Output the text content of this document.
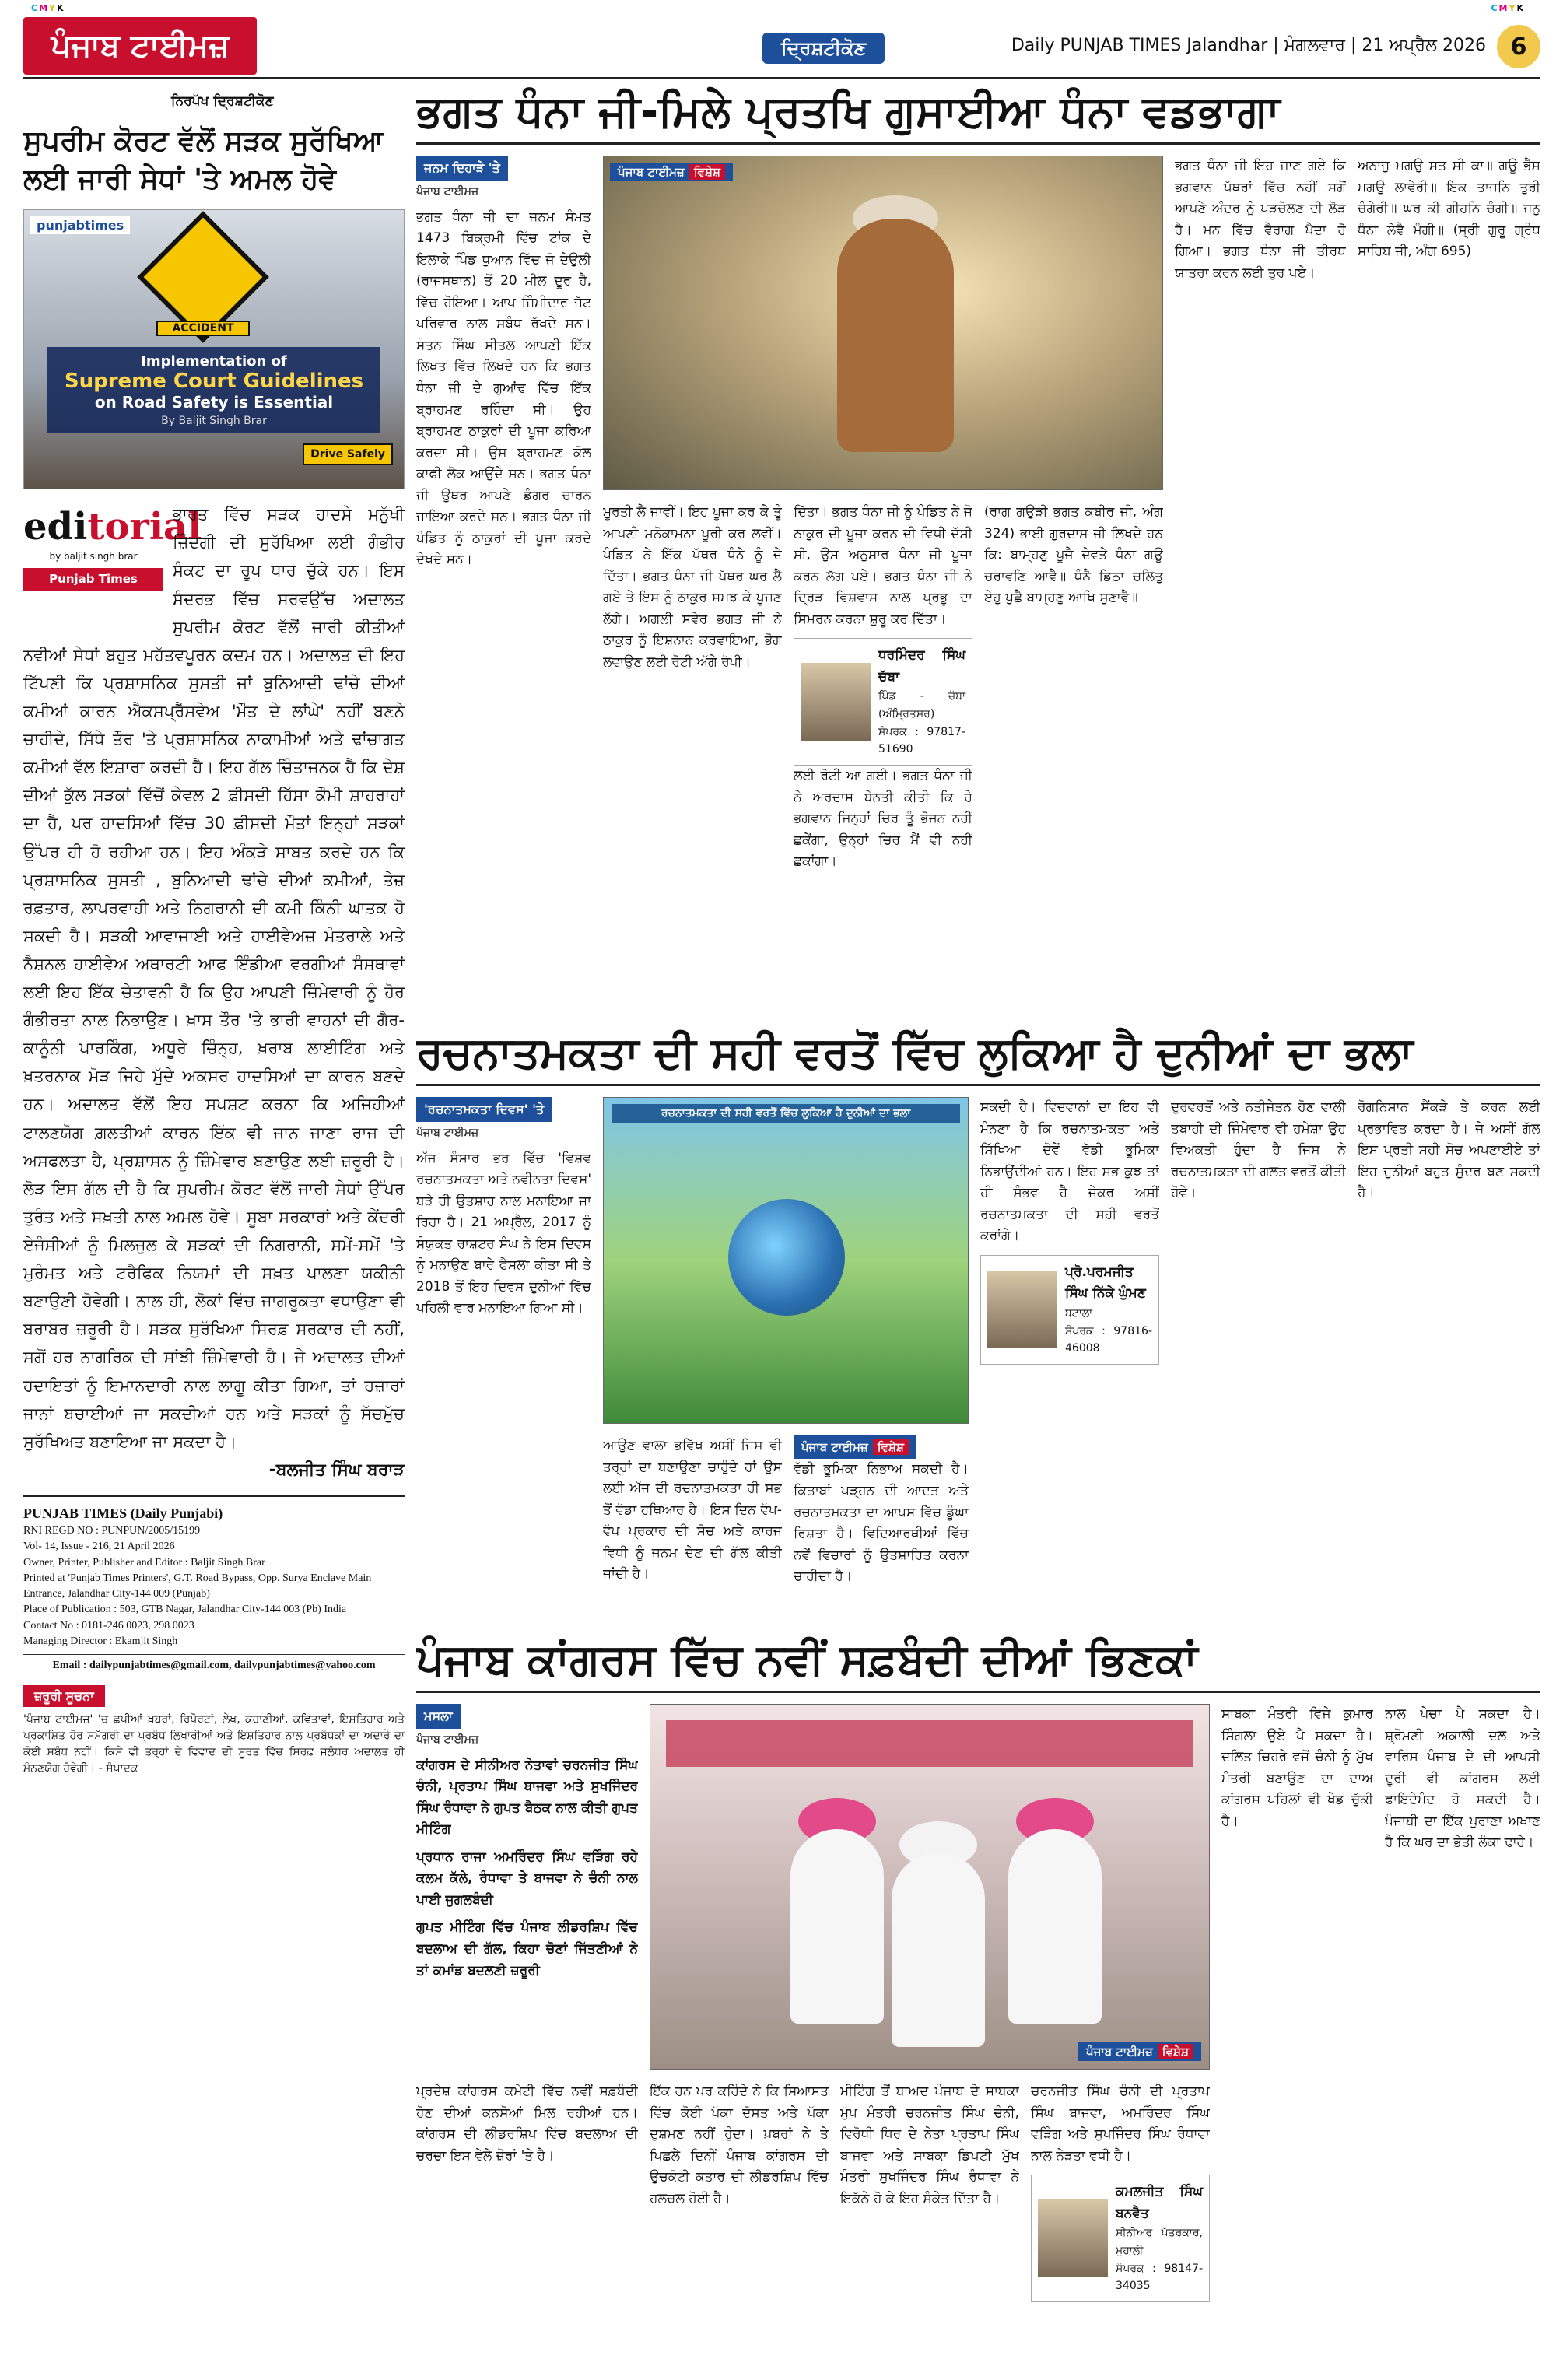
CMYK	CMYK
ਪੰਜਾਬ ਟਾਈਮਜ਼	ਦ੍ਰਿਸ਼ਟੀਕੋਣ	Daily PUNJAB TIMES Jalandhar | ਮੰਗਲਵਾਰ | 21 ਅਪ੍ਰੈਲ 2026	6
ਨਿਰਪੱਖ ਦ੍ਰਿਸ਼ਟੀਕੋਣ
ਸੁਪਰੀਮ ਕੋਰਟ ਵੱਲੋਂ ਸੜਕ ਸੁਰੱਖਿਆ ਲਈ ਜਾਰੀ ਸੇਧਾਂ 'ਤੇ ਅਮਲ ਹੋਵੇ
punjabtimes
ACCIDENT
Implementation of
Supreme Court Guidelines
on Road Safety is Essential
By Baljit Singh Brar
Drive Safely
editorial
by baljit singh brar
Punjab Times
ਭਾਰਤ ਵਿੱਚ ਸੜਕ ਹਾਦਸੇ ਮਨੁੱਖੀ ਜ਼ਿੰਦਗੀ ਦੀ ਸੁਰੱਖਿਆ ਲਈ ਗੰਭੀਰ ਸੰਕਟ ਦਾ ਰੂਪ ਧਾਰ ਚੁੱਕੇ ਹਨ। ਇਸ ਸੰਦਰਭ ਵਿੱਚ ਸਰਵਉੱਚ ਅਦਾਲਤ ਸੁਪਰੀਮ ਕੋਰਟ ਵੱਲੋਂ ਜਾਰੀ ਕੀਤੀਆਂ ਨਵੀਆਂ ਸੇਧਾਂ ਬਹੁਤ ਮਹੱਤਵਪੂਰਨ ਕਦਮ ਹਨ। ਅਦਾਲਤ ਦੀ ਇਹ ਟਿੱਪਣੀ ਕਿ ਪ੍ਰਸ਼ਾਸਨਿਕ ਸੁਸਤੀ ਜਾਂ ਬੁਨਿਆਦੀ ਢਾਂਚੇ ਦੀਆਂ ਕਮੀਆਂ ਕਾਰਨ ਐਕਸਪ੍ਰੈੱਸਵੇਅ 'ਮੌਤ ਦੇ ਲਾਂਘੇ' ਨਹੀਂ ਬਣਨੇ ਚਾਹੀਦੇ, ਸਿੱਧੇ ਤੌਰ 'ਤੇ ਪ੍ਰਸ਼ਾਸਨਿਕ ਨਾਕਾਮੀਆਂ ਅਤੇ ਢਾਂਚਾਗਤ ਕਮੀਆਂ ਵੱਲ ਇਸ਼ਾਰਾ ਕਰਦੀ ਹੈ। ਇਹ ਗੱਲ ਚਿੰਤਾਜਨਕ ਹੈ ਕਿ ਦੇਸ਼ ਦੀਆਂ ਕੁੱਲ ਸੜਕਾਂ ਵਿੱਚੋਂ ਕੇਵਲ 2 ਫ਼ੀਸਦੀ ਹਿੱਸਾ ਕੌਮੀ ਸ਼ਾਹਰਾਹਾਂ ਦਾ ਹੈ, ਪਰ ਹਾਦਸਿਆਂ ਵਿੱਚ 30 ਫ਼ੀਸਦੀ ਮੌਤਾਂ ਇਨ੍ਹਾਂ ਸੜਕਾਂ ਉੱਪਰ ਹੀ ਹੋ ਰਹੀਆ ਹਨ। ਇਹ ਅੰਕੜੇ ਸਾਬਤ ਕਰਦੇ ਹਨ ਕਿ ਪ੍ਰਸ਼ਾਸਨਿਕ ਸੁਸਤੀ , ਬੁਨਿਆਦੀ ਢਾਂਚੇ ਦੀਆਂ ਕਮੀਆਂ, ਤੇਜ਼ ਰਫ਼ਤਾਰ, ਲਾਪਰਵਾਹੀ ਅਤੇ ਨਿਗਰਾਨੀ ਦੀ ਕਮੀ ਕਿੰਨੀ ਘਾਤਕ ਹੋ ਸਕਦੀ ਹੈ। ਸੜਕੀ ਆਵਾਜਾਈ ਅਤੇ ਹਾਈਵੇਅਜ਼ ਮੰਤਰਾਲੇ ਅਤੇ ਨੈਸ਼ਨਲ ਹਾਈਵੇਅ ਅਥਾਰਟੀ ਆਫ ਇੰਡੀਆ ਵਰਗੀਆਂ ਸੰਸਥਾਵਾਂ ਲਈ ਇਹ ਇੱਕ ਚੇਤਾਵਨੀ ਹੈ ਕਿ ਉਹ ਆਪਣੀ ਜ਼ਿੰਮੇਵਾਰੀ ਨੂੰ ਹੋਰ ਗੰਭੀਰਤਾ ਨਾਲ ਨਿਭਾਉਣ। ਖ਼ਾਸ ਤੌਰ 'ਤੇ ਭਾਰੀ ਵਾਹਨਾਂ ਦੀ ਗੈਰ-ਕਾਨੂੰਨੀ ਪਾਰਕਿੰਗ, ਅਧੂਰੇ ਚਿੰਨ੍ਹ, ਖ਼ਰਾਬ ਲਾਈਟਿੰਗ ਅਤੇ ਖ਼ਤਰਨਾਕ ਮੋੜ ਜਿਹੇ ਮੁੱਦੇ ਅਕਸਰ ਹਾਦਸਿਆਂ ਦਾ ਕਾਰਨ ਬਣਦੇ ਹਨ। ਅਦਾਲਤ ਵੱਲੋਂ ਇਹ ਸਪਸ਼ਟ ਕਰਨਾ ਕਿ ਅਜਿਹੀਆਂ ਟਾਲਣਯੋਗ ਗ਼ਲਤੀਆਂ ਕਾਰਨ ਇੱਕ ਵੀ ਜਾਨ ਜਾਣਾ ਰਾਜ ਦੀ ਅਸਫਲਤਾ ਹੈ, ਪ੍ਰਸ਼ਾਸਨ ਨੂੰ ਜ਼ਿੰਮੇਵਾਰ ਬਣਾਉਣ ਲਈ ਜ਼ਰੂਰੀ ਹੈ। ਲੋੜ ਇਸ ਗੱਲ ਦੀ ਹੈ ਕਿ ਸੁਪਰੀਮ ਕੋਰਟ ਵੱਲੋਂ ਜਾਰੀ ਸੇਧਾਂ ਉੱਪਰ ਤੁਰੰਤ ਅਤੇ ਸਖ਼ਤੀ ਨਾਲ ਅਮਲ ਹੋਵੇ। ਸੂਬਾ ਸਰਕਾਰਾਂ ਅਤੇ ਕੇਂਦਰੀ ਏਜੰਸੀਆਂ ਨੂੰ ਮਿਲਜੁਲ ਕੇ ਸੜਕਾਂ ਦੀ ਨਿਗਰਾਨੀ, ਸਮੇਂ-ਸਮੇਂ 'ਤੇ ਮੁਰੰਮਤ ਅਤੇ ਟਰੈਫਿਕ ਨਿਯਮਾਂ ਦੀ ਸਖ਼ਤ ਪਾਲਣਾ ਯਕੀਨੀ ਬਣਾਉਣੀ ਹੋਵੇਗੀ। ਨਾਲ ਹੀ, ਲੋਕਾਂ ਵਿੱਚ ਜਾਗਰੂਕਤਾ ਵਧਾਉਣਾ ਵੀ ਬਰਾਬਰ ਜ਼ਰੂਰੀ ਹੈ। ਸੜਕ ਸੁਰੱਖਿਆ ਸਿਰਫ਼ ਸਰਕਾਰ ਦੀ ਨਹੀਂ, ਸਗੋਂ ਹਰ ਨਾਗਰਿਕ ਦੀ ਸਾਂਝੀ ਜ਼ਿੰਮੇਵਾਰੀ ਹੈ। ਜੇ ਅਦਾਲਤ ਦੀਆਂ ਹਦਾਇਤਾਂ ਨੂੰ ਇਮਾਨਦਾਰੀ ਨਾਲ ਲਾਗੂ ਕੀਤਾ ਗਿਆ, ਤਾਂ ਹਜ਼ਾਰਾਂ ਜਾਨਾਂ ਬਚਾਈਆਂ ਜਾ ਸਕਦੀਆਂ ਹਨ ਅਤੇ ਸੜਕਾਂ ਨੂੰ ਸੱਚਮੁੱਚ ਸੁਰੱਖਿਅਤ ਬਣਾਇਆ ਜਾ ਸਕਦਾ ਹੈ।
-ਬਲਜੀਤ ਸਿੰਘ ਬਰਾੜ
PUNJAB TIMES (Daily Punjabi)
RNI REGD NO : PUNPUN/2005/15199
Vol- 14, Issue - 216, 21 April 2026
Owner, Printer, Publisher and Editor : Baljit Singh Brar
Printed at 'Punjab Times Printers', G.T. Road Bypass, Opp. Surya Enclave Main Entrance, Jalandhar City-144 009 (Punjab)
Place of Publication : 503, GTB Nagar, Jalandhar City-144 003 (Pb) India
Contact No : 0181-246 0023, 298 0023
Managing Director : Ekamjit Singh
Email : dailypunjabtimes@gmail.com, dailypunjabtimes@yahoo.com
ਜ਼ਰੂਰੀ ਸੂਚਨਾ
'ਪੰਜਾਬ ਟਾਈਮਜ਼' 'ਚ ਛਪੀਆਂ ਖ਼ਬਰਾਂ, ਰਿਪੋਰਟਾਂ, ਲੇਖ, ਕਹਾਣੀਆਂ, ਕਵਿਤਾਵਾਂ, ਇਸ਼ਤਿਹਾਰ ਅਤੇ ਪ੍ਰਕਾਸ਼ਿਤ ਹੋਰ ਸਮੱਗਰੀ ਦਾ ਪ੍ਰਬੰਧ ਲਿਖਾਰੀਆਂ ਅਤੇ ਇਸ਼ਤਿਹਾਰ ਨਾਲ ਪ੍ਰਬੰਧਕਾਂ ਦਾ ਅਦਾਰੇ ਦਾ ਕੋਈ ਸਬੰਧ ਨਹੀਂ। ਕਿਸੇ ਵੀ ਤਰ੍ਹਾਂ ਦੇ ਵਿਵਾਦ ਦੀ ਸੂਰਤ ਵਿੱਚ ਸਿਰਫ਼ ਜਲੰਧਰ ਅਦਾਲਤ ਹੀ ਮੰਨਣਯੋਗ ਹੋਵੇਗੀ। - ਸੰਪਾਦਕ
ਭਗਤ ਧੰਨਾ ਜੀ-ਮਿਲੇ ਪ੍ਰਤਖਿ ਗੁਸਾਈਆ ਧੰਨਾ ਵਡਭਾਗਾ
ਜਨਮ ਦਿਹਾੜੇ 'ਤੇ
ਪੰਜਾਬ ਟਾਈਮਜ਼

ਭਗਤ ਧੰਨਾ ਜੀ ਦਾ ਜਨਮ ਸੰਮਤ 1473 ਬਿਕ੍ਰਮੀ ਵਿੱਚ ਟਾਂਕ ਦੇ ਇਲਾਕੇ ਪਿੰਡ ਧੁਆਨ ਵਿੱਚ ਜੋ ਦੇਉਲੀ (ਰਾਜਸਥਾਨ) ਤੋਂ 20 ਮੀਲ ਦੂਰ ਹੈ, ਵਿੱਚ ਹੋਇਆ। ਆਪ ਜਿੰਮੀਦਾਰ ਜੱਟ ਪਰਿਵਾਰ ਨਾਲ ਸਬੰਧ ਰੱਖਦੇ ਸਨ। ਸੰਤਨ ਸਿੰਘ ਸੀਤਲ ਆਪਣੀ ਇੱਕ ਲਿਖਤ ਵਿੱਚ ਲਿਖਦੇ ਹਨ ਕਿ ਭਗਤ ਧੰਨਾ ਜੀ ਦੇ ਗੁਆਂਢ ਵਿੱਚ ਇੱਕ ਬ੍ਰਾਹਮਣ ਰਹਿੰਦਾ ਸੀ। ਉਹ ਬ੍ਰਾਹਮਣ ਠਾਕੁਰਾਂ ਦੀ ਪੂਜਾ ਕਰਿਆ ਕਰਦਾ ਸੀ। ਉਸ ਬ੍ਰਾਹਮਣ ਕੋਲ ਕਾਫੀ ਲੋਕ ਆਉਂਦੇ ਸਨ। ਭਗਤ ਧੰਨਾ ਜੀ ਉਥਰ ਆਪਣੇ ਡੰਗਰ ਚਾਰਨ ਜਾਇਆ ਕਰਦੇ ਸਨ। ਭਗਤ ਧੰਨਾ ਜੀ ਪੰਡਿਤ ਨੂੰ ਠਾਕੁਰਾਂ ਦੀ ਪੂਜਾ ਕਰਦੇ ਦੇਖਦੇ ਸਨ।

ਪੰਜਾਬ ਟਾਈਮਜ਼ ਵਿਸ਼ੇਸ਼

ਮੂਰਤੀ ਲੈ ਜਾਵੀਂ। ਇਹ ਪੂਜਾ ਕਰ ਕੇ ਤੂੰ ਆਪਣੀ ਮਨੋਕਾਮਨਾ ਪੂਰੀ ਕਰ ਲਵੀਂ। ਪੰਡਿਤ ਨੇ ਇੱਕ ਪੱਥਰ ਧੰਨੇ ਨੂੰ ਦੇ ਦਿੱਤਾ। ਭਗਤ ਧੰਨਾ ਜੀ ਪੱਥਰ ਘਰ ਲੈ ਗਏ ਤੇ ਇਸ ਨੂੰ ਠਾਕੁਰ ਸਮਝ ਕੇ ਪੂਜਣ ਲੱਗੇ। ਅਗਲੀ ਸਵੇਰ ਭਗਤ ਜੀ ਨੇ ਠਾਕੁਰ ਨੂੰ ਇਸ਼ਨਾਨ ਕਰਵਾਇਆ, ਭੋਗ ਲਵਾਉਣ ਲਈ ਰੋਟੀ ਅੱਗੇ ਰੱਖੀ।

ਦਿੱਤਾ। ਭਗਤ ਧੰਨਾ ਜੀ ਨੂੰ ਪੰਡਿਤ ਨੇ ਜੋ ਠਾਕੁਰ ਦੀ ਪੂਜਾ ਕਰਨ ਦੀ ਵਿਧੀ ਦੱਸੀ ਸੀ, ਉਸ ਅਨੁਸਾਰ ਧੰਨਾ ਜੀ ਪੂਜਾ ਕਰਨ ਲੱਗ ਪਏ। ਭਗਤ ਧੰਨਾ ਜੀ ਨੇ ਦ੍ਰਿੜ ਵਿਸ਼ਵਾਸ ਨਾਲ ਪ੍ਰਭੂ ਦਾ ਸਿਮਰਨ ਕਰਨਾ ਸ਼ੁਰੂ ਕਰ ਦਿੱਤਾ।

ਧਰਮਿੰਦਰ ਸਿੰਘ ਚੱਬਾ
ਪਿੰਡ - ਚੱਬਾ (ਅੰਮ੍ਰਿਤਸਰ)
ਸੰਪਰਕ : 97817-51690

ਲਈ ਰੋਟੀ ਆ ਗਈ। ਭਗਤ ਧੰਨਾ ਜੀ ਨੇ ਅਰਦਾਸ ਬੇਨਤੀ ਕੀਤੀ ਕਿ ਹੇ ਭਗਵਾਨ ਜਿਨ੍ਹਾਂ ਚਿਰ ਤੂੰ ਭੋਜਨ ਨਹੀਂ ਛਕੇਂਗਾ, ਉਨ੍ਹਾਂ ਚਿਰ ਮੈਂ ਵੀ ਨਹੀਂ ਛਕਾਂਗਾ।

(ਰਾਗ ਗਉੜੀ ਭਗਤ ਕਬੀਰ ਜੀ, ਅੰਗ 324) ਭਾਈ ਗੁਰਦਾਸ ਜੀ ਲਿਖਦੇ ਹਨ ਕਿ: ਬਾਮ੍ਹਣੁ ਪੂਜੈ ਦੇਵਤੇ ਧੰਨਾ ਗਊ ਚਰਾਵਣਿ ਆਵੈ॥ ਧੰਨੈ ਡਿਠਾ ਚਲਿਤੁ ਏਹੁ ਪੁਛੈ ਬਾਮ੍ਹਣੁ ਆਖਿ ਸੁਣਾਵੈ॥

ਭਗਤ ਧੰਨਾ ਜੀ ਇਹ ਜਾਣ ਗਏ ਕਿ ਭਗਵਾਨ ਪੱਥਰਾਂ ਵਿੱਚ ਨਹੀਂ ਸਗੋਂ ਆਪਣੇ ਅੰਦਰ ਨੂੰ ਪੜਚੋਲਣ ਦੀ ਲੋੜ ਹੈ। ਮਨ ਵਿੱਚ ਵੈਰਾਗ ਪੈਦਾ ਹੋ ਗਿਆ। ਭਗਤ ਧੰਨਾ ਜੀ ਤੀਰਥ ਯਾਤਰਾ ਕਰਨ ਲਈ ਤੁਰ ਪਏ।

ਅਨਾਜੁ ਮਗਉ ਸਤ ਸੀ ਕਾ॥ ਗਊ ਭੈਸ ਮਗਉ ਲਾਵੇਰੀ॥ ਇਕ ਤਾਜਨਿ ਤੁਰੀ ਚੰਗੇਰੀ॥ ਘਰ ਕੀ ਗੀਹਨਿ ਚੰਗੀ॥ ਜਨੁ ਧੰਨਾ ਲੇਵੈ ਮੰਗੀ॥ (ਸ੍ਰੀ ਗੁਰੂ ਗ੍ਰੰਥ ਸਾਹਿਬ ਜੀ, ਅੰਗ 695)

ਰਚਨਾਤਮਕਤਾ ਦੀ ਸਹੀ ਵਰਤੋਂ ਵਿੱਚ ਲੁਕਿਆ ਹੈ ਦੁਨੀਆਂ ਦਾ ਭਲਾ
'ਰਚਨਾਤਮਕਤਾ ਦਿਵਸ' 'ਤੇ
ਪੰਜਾਬ ਟਾਈਮਜ਼

ਅੱਜ ਸੰਸਾਰ ਭਰ ਵਿੱਚ 'ਵਿਸ਼ਵ ਰਚਨਾਤਮਕਤਾ ਅਤੇ ਨਵੀਨਤਾ ਦਿਵਸ' ਬੜੇ ਹੀ ਉਤਸ਼ਾਹ ਨਾਲ ਮਨਾਇਆ ਜਾ ਰਿਹਾ ਹੈ। 21 ਅਪ੍ਰੈਲ, 2017 ਨੂੰ ਸੰਯੁਕਤ ਰਾਸ਼ਟਰ ਸੰਘ ਨੇ ਇਸ ਦਿਵਸ ਨੂੰ ਮਨਾਉਣ ਬਾਰੇ ਫੈਸਲਾ ਕੀਤਾ ਸੀ ਤੇ 2018 ਤੋਂ ਇਹ ਦਿਵਸ ਦੁਨੀਆਂ ਵਿੱਚ ਪਹਿਲੀ ਵਾਰ ਮਨਾਇਆ ਗਿਆ ਸੀ।

ਰਚਨਾਤਮਕਤਾ ਦੀ ਸਹੀ ਵਰਤੋਂ ਵਿੱਚ ਲੁਕਿਆ ਹੈ ਦੁਨੀਆਂ ਦਾ ਭਲਾ

ਆਉਣ ਵਾਲਾ ਭਵਿੱਖ ਅਸੀਂ ਜਿਸ ਵੀ ਤਰ੍ਹਾਂ ਦਾ ਬਣਾਉਣਾ ਚਾਹੁੰਦੇ ਹਾਂ ਉਸ ਲਈ ਅੱਜ ਦੀ ਰਚਨਾਤਮਕਤਾ ਹੀ ਸਭ ਤੋਂ ਵੱਡਾ ਹਥਿਆਰ ਹੈ। ਇਸ ਦਿਨ ਵੱਖ-ਵੱਖ ਪ੍ਰਕਾਰ ਦੀ ਸੋਚ ਅਤੇ ਕਾਰਜ ਵਿਧੀ ਨੂੰ ਜਨਮ ਦੇਣ ਦੀ ਗੱਲ ਕੀਤੀ ਜਾਂਦੀ ਹੈ।

ਪੰਜਾਬ ਟਾਈਮਜ਼ ਵਿਸ਼ੇਸ਼

ਵੱਡੀ ਭੂਮਿਕਾ ਨਿਭਾਅ ਸਕਦੀ ਹੈ। ਕਿਤਾਬਾਂ ਪੜ੍ਹਨ ਦੀ ਆਦਤ ਅਤੇ ਰਚਨਾਤਮਕਤਾ ਦਾ ਆਪਸ ਵਿੱਚ ਡੂੰਘਾ ਰਿਸ਼ਤਾ ਹੈ। ਵਿਦਿਆਰਥੀਆਂ ਵਿੱਚ ਨਵੇਂ ਵਿਚਾਰਾਂ ਨੂੰ ਉਤਸ਼ਾਹਿਤ ਕਰਨਾ ਚਾਹੀਦਾ ਹੈ।

ਸਕਦੀ ਹੈ। ਵਿਦਵਾਨਾਂ ਦਾ ਇਹ ਵੀ ਮੰਨਣਾ ਹੈ ਕਿ ਰਚਨਾਤਮਕਤਾ ਅਤੇ ਸਿੱਖਿਆ ਦੋਵੇਂ ਵੱਡੀ ਭੂਮਿਕਾ ਨਿਭਾਉਂਦੀਆਂ ਹਨ। ਇਹ ਸਭ ਕੁਝ ਤਾਂ ਹੀ ਸੰਭਵ ਹੈ ਜੇਕਰ ਅਸੀਂ ਰਚਨਾਤਮਕਤਾ ਦੀ ਸਹੀ ਵਰਤੋਂ ਕਰਾਂਗੇ।

ਪ੍ਰੋ.ਪਰਮਜੀਤ ਸਿੰਘ ਨਿੱਕੇ ਘੁੰਮਣ
ਬਟਾਲਾ
ਸੰਪਰਕ : 97816-46008

ਦੁਰਵਰਤੋਂ ਅਤੇ ਨਤੀਜੇਤਨ ਹੋਣ ਵਾਲੀ ਤਬਾਹੀ ਦੀ ਜਿੰਮੇਵਾਰ ਵੀ ਹਮੇਸ਼ਾ ਉਹ ਵਿਅਕਤੀ ਹੁੰਦਾ ਹੈ ਜਿਸ ਨੇ ਰਚਨਾਤਮਕਤਾ ਦੀ ਗਲਤ ਵਰਤੋਂ ਕੀਤੀ ਹੋਵੇ।

ਰੋਗਨਿਸਾਨ ਸੈਂਕੜੇ ਤੇ ਕਰਨ ਲਈ ਪ੍ਰਭਾਵਿਤ ਕਰਦਾ ਹੈ। ਜੇ ਅਸੀਂ ਗੱਲ ਇਸ ਪ੍ਰਤੀ ਸਹੀ ਸੋਚ ਅਪਣਾਈਏ ਤਾਂ ਇਹ ਦੁਨੀਆਂ ਬਹੁਤ ਸੁੰਦਰ ਬਣ ਸਕਦੀ ਹੈ।

ਪੰਜਾਬ ਕਾਂਗਰਸ ਵਿੱਚ ਨਵੀਂ ਸਫ਼ਬੰਦੀ ਦੀਆਂ ਭਿਣਕਾਂ
ਮਸਲਾ
ਪੰਜਾਬ ਟਾਈਮਜ਼

ਕਾਂਗਰਸ ਦੇ ਸੀਨੀਅਰ ਨੇਤਾਵਾਂ ਚਰਨਜੀਤ ਸਿੰਘ ਚੰਨੀ, ਪ੍ਰਤਾਪ ਸਿੰਘ ਬਾਜਵਾ ਅਤੇ ਸੁਖਜਿੰਦਰ ਸਿੰਘ ਰੰਧਾਵਾ ਨੇ ਗੁਪਤ ਬੈਠਕ ਨਾਲ ਕੀਤੀ ਗੁਪਤ ਮੀਟਿੰਗ

ਪ੍ਰਧਾਨ ਰਾਜਾ ਅਮਰਿੰਦਰ ਸਿੰਘ ਵੜਿੰਗ ਰਹੇ ਕਲਮ ਕੱਲੇ, ਰੰਧਾਵਾ ਤੇ ਬਾਜਵਾ ਨੇ ਚੰਨੀ ਨਾਲ ਪਾਈ ਜੁਗਲਬੰਦੀ

ਗੁਪਤ ਮੀਟਿੰਗ ਵਿੱਚ ਪੰਜਾਬ ਲੀਡਰਸ਼ਿਪ ਵਿੱਚ ਬਦਲਾਅ ਦੀ ਗੱਲ, ਕਿਹਾ ਚੋਣਾਂ ਜਿੱਤਣੀਆਂ ਨੇ ਤਾਂ ਕਮਾਂਡ ਬਦਲਣੀ ਜ਼ਰੂਰੀ

ਪੰਜਾਬ ਟਾਈਮਜ਼ ਵਿਸ਼ੇਸ਼

ਪ੍ਰਦੇਸ਼ ਕਾਂਗਰਸ ਕਮੇਟੀ ਵਿੱਚ ਨਵੀਂ ਸਫ਼ਬੰਦੀ ਹੋਣ ਦੀਆਂ ਕਨਸੋਆਂ ਮਿਲ ਰਹੀਆਂ ਹਨ। ਕਾਂਗਰਸ ਦੀ ਲੀਡਰਸ਼ਿਪ ਵਿੱਚ ਬਦਲਾਅ ਦੀ ਚਰਚਾ ਇਸ ਵੇਲੇ ਜ਼ੋਰਾਂ 'ਤੇ ਹੈ।

ਇੱਕ ਹਨ ਪਰ ਕਹਿੰਦੇ ਨੇ ਕਿ ਸਿਆਸਤ ਵਿੱਚ ਕੋਈ ਪੱਕਾ ਦੋਸਤ ਅਤੇ ਪੱਕਾ ਦੁਸ਼ਮਣ ਨਹੀਂ ਹੁੰਦਾ। ਖ਼ਬਰਾਂ ਨੇ ਤੇ ਪਿਛਲੇ ਦਿਨੀਂ ਪੰਜਾਬ ਕਾਂਗਰਸ ਦੀ ਉਚਕੋਟੀ ਕਤਾਰ ਦੀ ਲੀਡਰਸ਼ਿਪ ਵਿੱਚ ਹਲਚਲ ਹੋਈ ਹੈ।

ਮੀਟਿੰਗ ਤੋਂ ਬਾਅਦ ਪੰਜਾਬ ਦੇ ਸਾਬਕਾ ਮੁੱਖ ਮੰਤਰੀ ਚਰਨਜੀਤ ਸਿੰਘ ਚੰਨੀ, ਵਿਰੋਧੀ ਧਿਰ ਦੇ ਨੇਤਾ ਪ੍ਰਤਾਪ ਸਿੰਘ ਬਾਜਵਾ ਅਤੇ ਸਾਬਕਾ ਡਿਪਟੀ ਮੁੱਖ ਮੰਤਰੀ ਸੁਖਜਿੰਦਰ ਸਿੰਘ ਰੰਧਾਵਾ ਨੇ ਇਕੱਠੇ ਹੋ ਕੇ ਇਹ ਸੰਕੇਤ ਦਿੱਤਾ ਹੈ।

ਚਰਨਜੀਤ ਸਿੰਘ ਚੰਨੀ ਦੀ ਪ੍ਰਤਾਪ ਸਿੰਘ ਬਾਜਵਾ, ਅਮਰਿੰਦਰ ਸਿੰਘ ਵੜਿੰਗ ਅਤੇ ਸੁਖਜਿੰਦਰ ਸਿੰਘ ਰੰਧਾਵਾ ਨਾਲ ਨੇੜਤਾ ਵਧੀ ਹੈ।

ਕਮਲਜੀਤ ਸਿੰਘ ਬਨਵੈਤ
ਸੀਨੀਅਰ ਪੱਤਰਕਾਰ, ਮੁਹਾਲੀ
ਸੰਪਰਕ : 98147-34035

ਸਾਬਕਾ ਮੰਤਰੀ ਵਿਜੇ ਕੁਮਾਰ ਸਿੰਗਲਾ ਉਏ ਪੈ ਸਕਦਾ ਹੈ। ਦਲਿਤ ਚਿਹਰੇ ਵਜੋਂ ਚੰਨੀ ਨੂੰ ਮੁੱਖ ਮੰਤਰੀ ਬਣਾਉਣ ਦਾ ਦਾਅ ਕਾਂਗਰਸ ਪਹਿਲਾਂ ਵੀ ਖੇਡ ਚੁੱਕੀ ਹੈ।

ਨਾਲ ਪੇਚਾ ਪੈ ਸਕਦਾ ਹੈ। ਸ਼੍ਰੋਮਣੀ ਅਕਾਲੀ ਦਲ ਅਤੇ ਵਾਰਿਸ ਪੰਜਾਬ ਦੇ ਦੀ ਆਪਸੀ ਦੂਰੀ ਵੀ ਕਾਂਗਰਸ ਲਈ ਫਾਇਦੇਮੰਦ ਹੋ ਸਕਦੀ ਹੈ। ਪੰਜਾਬੀ ਦਾ ਇੱਕ ਪੁਰਾਣਾ ਅਖਾਣ ਹੈ ਕਿ ਘਰ ਦਾ ਭੇਤੀ ਲੰਕਾ ਢਾਹੇ।
